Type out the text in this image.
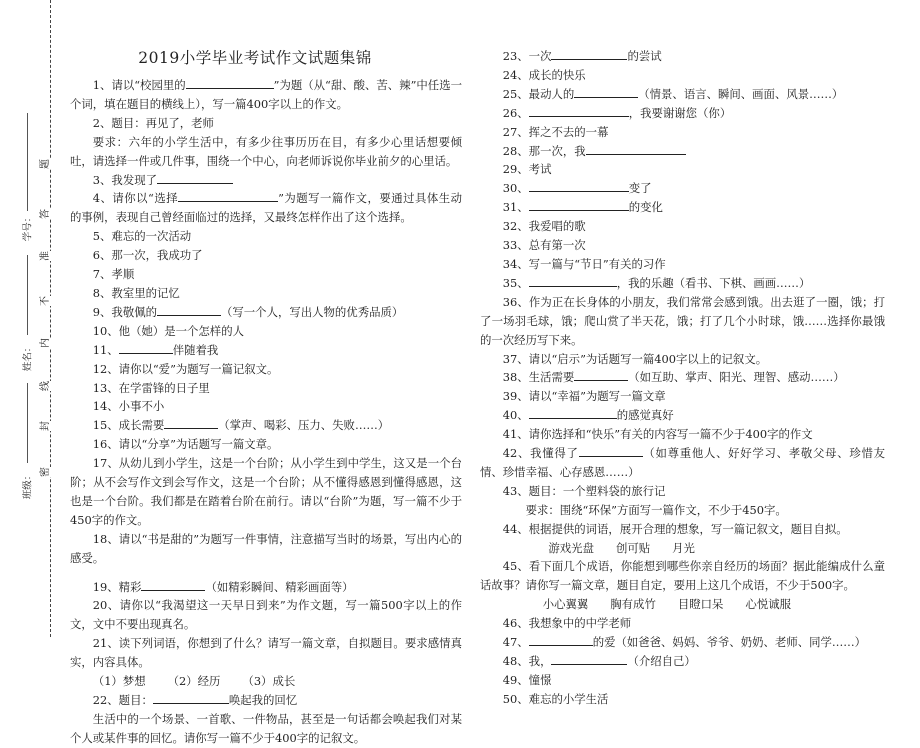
题
答
准
不
内
线
封
密
学号：
姓名：
班级：
2019小学毕业考试作文试题集锦

1、请以“校园里的	”为题（从“甜、酸、苦、辣”中任选一个词，填在题目的横线上），写一篇400字以上的作文。

2、题目：再见了，老师

要求：六年的小学生活中，有多少往事历历在目，有多少心里话想要倾吐，请选择一件或几件事，围绕一个中心，向老师诉说你毕业前夕的心里话。

3、我发现了

4、请你以“选择	”为题写一篇作文，要通过具体生动的事例，表现自己曾经面临过的选择，又最终怎样作出了这个选择。

5、难忘的一次活动

6、那一次，我成功了

7、孝顺

8、教室里的记忆

9、我敬佩的	（写一个人，写出人物的优秀品质）

10、他（她）是一个怎样的人

11、	伴随着我

12、请你以“爱”为题写一篇记叙文。

13、在学雷锋的日子里

14、小事不小

15、成长需要	（掌声、喝彩、压力、失败……）

16、请以“分享”为话题写一篇文章。

17、从幼儿到小学生，这是一个台阶；从小学生到中学生，这又是一个台阶；从不会写作文到会写作文，这是一个台阶；从不懂得感恩到懂得感恩，这也是一个台阶。我们都是在踏着台阶在前行。请以“台阶”为题，写一篇不少于450字的作文。

18、请以“书是甜的”为题写一件事情，注意描写当时的场景，写出内心的感受。

19、精彩	（如精彩瞬间、精彩画面等）

20、请你以“我渴望这一天早日到来”为作文题，写一篇500字以上的作文，文中不要出现真名。

21、读下列词语，你想到了什么？请写一篇文章，自拟题目。要求感情真实，内容具体。

（1）梦想 （2）经历 （3）成长

22、题目：	唤起我的回忆

生活中的一个场景、一首歌、一件物品，甚至是一句话都会唤起我们对某个人或某件事的回忆。请你写一篇不少于400字的记叙文。

23、一次	的尝试

24、成长的快乐

25、最动人的	（情景、语言、瞬间、画面、风景……）

26、	，我要谢谢您（你）

27、挥之不去的一幕

28、那一次，我

29、考试

30、	变了

31、	的变化

32、我爱唱的歌

33、总有第一次

34、写一篇与“节日”有关的习作

35、	，我的乐趣（看书、下棋、画画……）

36、作为正在长身体的小朋友，我们常常会感到饿。出去逛了一圈，饿；打了一场羽毛球，饿；爬山赏了半天花，饿；打了几个小时球，饿……选择你最饿的一次经历写下来。

37、请以“启示”为话题写一篇400字以上的记叙文。

38、生活需要	（如互助、掌声、阳光、理智、感动……）

39、请以“幸福”为题写一篇文章

40、	的感觉真好

41、请你选择和“快乐”有关的内容写一篇不少于400字的作文

42、我懂得了	（如尊重他人、好好学习、孝敬父母、珍惜友情、珍惜幸福、心存感恩……）

43、题目：一个塑料袋的旅行记

要求：围绕“环保”方面写一篇作文，不少于450字。

44、根据提供的词语，展开合理的想象，写一篇记叙文，题目自拟。

游戏光盘 创可贴 月光

45、看下面几个成语，你能想到哪些你亲自经历的场面？据此能编成什么童话故事？请你写一篇文章，题目自定，要用上这几个成语，不少于500字。

小心翼翼 胸有成竹 目瞪口呆 心悦诚服

46、我想象中的中学老师

47、	的爱（如爸爸、妈妈、爷爷、奶奶、老师、同学……）

48、我，	（介绍自己）

49、憧憬

50、难忘的小学生活
